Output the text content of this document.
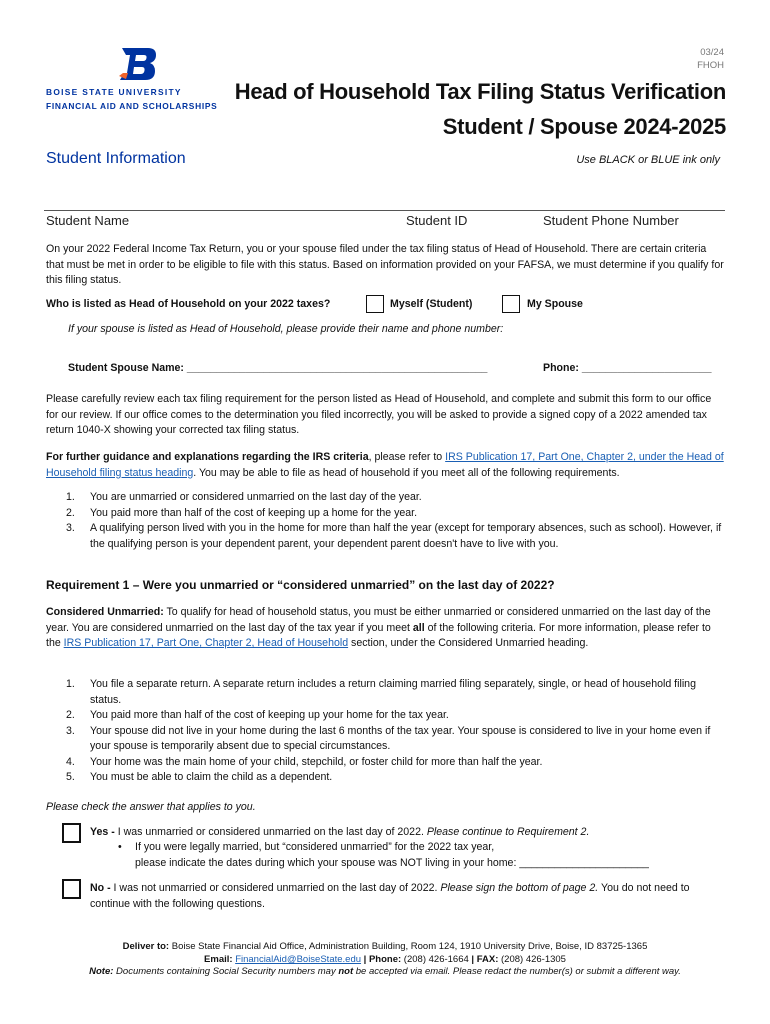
BOISE STATE UNIVERSITY
FINANCIAL AID AND SCHOLARSHIPS
03/24
FHOH
Head of Household Tax Filing Status Verification
Student / Spouse 2024-2025
Student Information	Use BLACK or BLUE ink only
Student Name	Student ID	Student Phone Number
On your 2022 Federal Income Tax Return, you or your spouse filed under the tax filing status of Head of Household. There are certain criteria that must be met in order to be eligible to file with this status. Based on information provided on your FAFSA, we must determine if you qualify for this filing status.
Who is listed as Head of Household on your 2022 taxes?	Myself (Student)	My Spouse
If your spouse is listed as Head of Household, please provide their name and phone number:
Student Spouse Name: ___________________________________________________	Phone: ______________________
Please carefully review each tax filing requirement for the person listed as Head of Household, and complete and submit this form to our office for our review. If our office comes to the determination you filed incorrectly, you will be asked to provide a signed copy of a 2022 amended tax return 1040-X showing your corrected tax filing status.
For further guidance and explanations regarding the IRS criteria, please refer to IRS Publication 17, Part One, Chapter 2, under the Head of Household filing status heading. You may be able to file as head of household if you meet all of the following requirements.
1. You are unmarried or considered unmarried on the last day of the year.
2. You paid more than half of the cost of keeping up a home for the year.
3. A qualifying person lived with you in the home for more than half the year (except for temporary absences, such as school). However, if the qualifying person is your dependent parent, your dependent parent doesn't have to live with you.
Requirement 1 – Were you unmarried or “considered unmarried” on the last day of 2022?
Considered Unmarried: To qualify for head of household status, you must be either unmarried or considered unmarried on the last day of the year. You are considered unmarried on the last day of the tax year if you meet all of the following criteria. For more information, please refer to the IRS Publication 17, Part One, Chapter 2, Head of Household section, under the Considered Unmarried heading.
1. You file a separate return. A separate return includes a return claiming married filing separately, single, or head of household filing status.
2. You paid more than half of the cost of keeping up your home for the tax year.
3. Your spouse did not live in your home during the last 6 months of the tax year. Your spouse is considered to live in your home even if your spouse is temporarily absent due to special circumstances.
4. Your home was the main home of your child, stepchild, or foster child for more than half the year.
5. You must be able to claim the child as a dependent.
Please check the answer that applies to you.
Yes - I was unmarried or considered unmarried on the last day of 2022. Please continue to Requirement 2.
• If you were legally married, but “considered unmarried” for the 2022 tax year,
please indicate the dates during which your spouse was NOT living in your home: ______________________
No - I was not unmarried or considered unmarried on the last day of 2022. Please sign the bottom of page 2. You do not need to continue with the following questions.
Deliver to: Boise State Financial Aid Office, Administration Building, Room 124, 1910 University Drive, Boise, ID 83725-1365
Email: FinancialAid@BoiseState.edu | Phone: (208) 426-1664 | FAX: (208) 426-1305
Note: Documents containing Social Security numbers may not be accepted via email. Please redact the number(s) or submit a different way.
